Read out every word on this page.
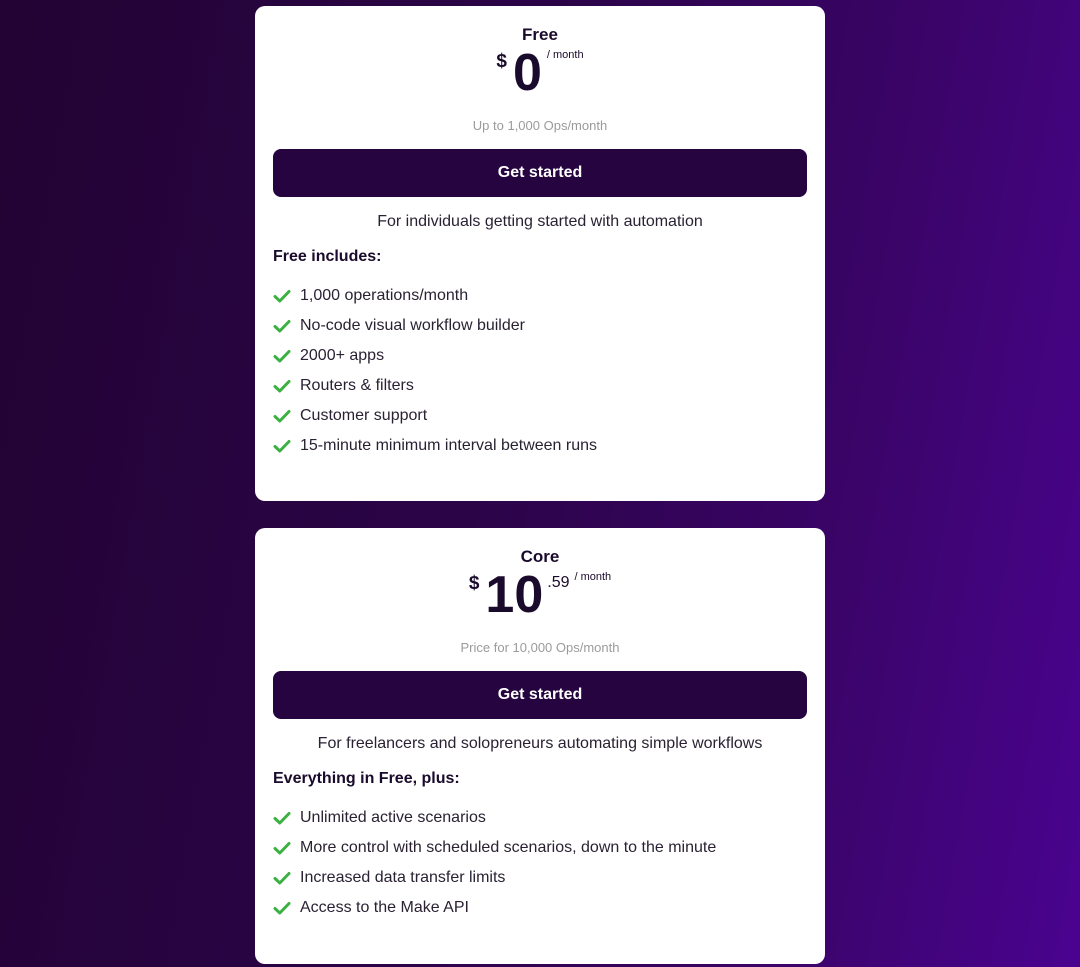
Free
$ 0 / month
Up to 1,000 Ops/month
Get started
For individuals getting started with automation
Free includes:
1,000 operations/month
No-code visual workflow builder
2000+ apps
Routers & filters
Customer support
15-minute minimum interval between runs
Core
$ 10 .59 / month
Price for 10,000 Ops/month
Get started
For freelancers and solopreneurs automating simple workflows
Everything in Free, plus:
Unlimited active scenarios
More control with scheduled scenarios, down to the minute
Increased data transfer limits
Access to the Make API
